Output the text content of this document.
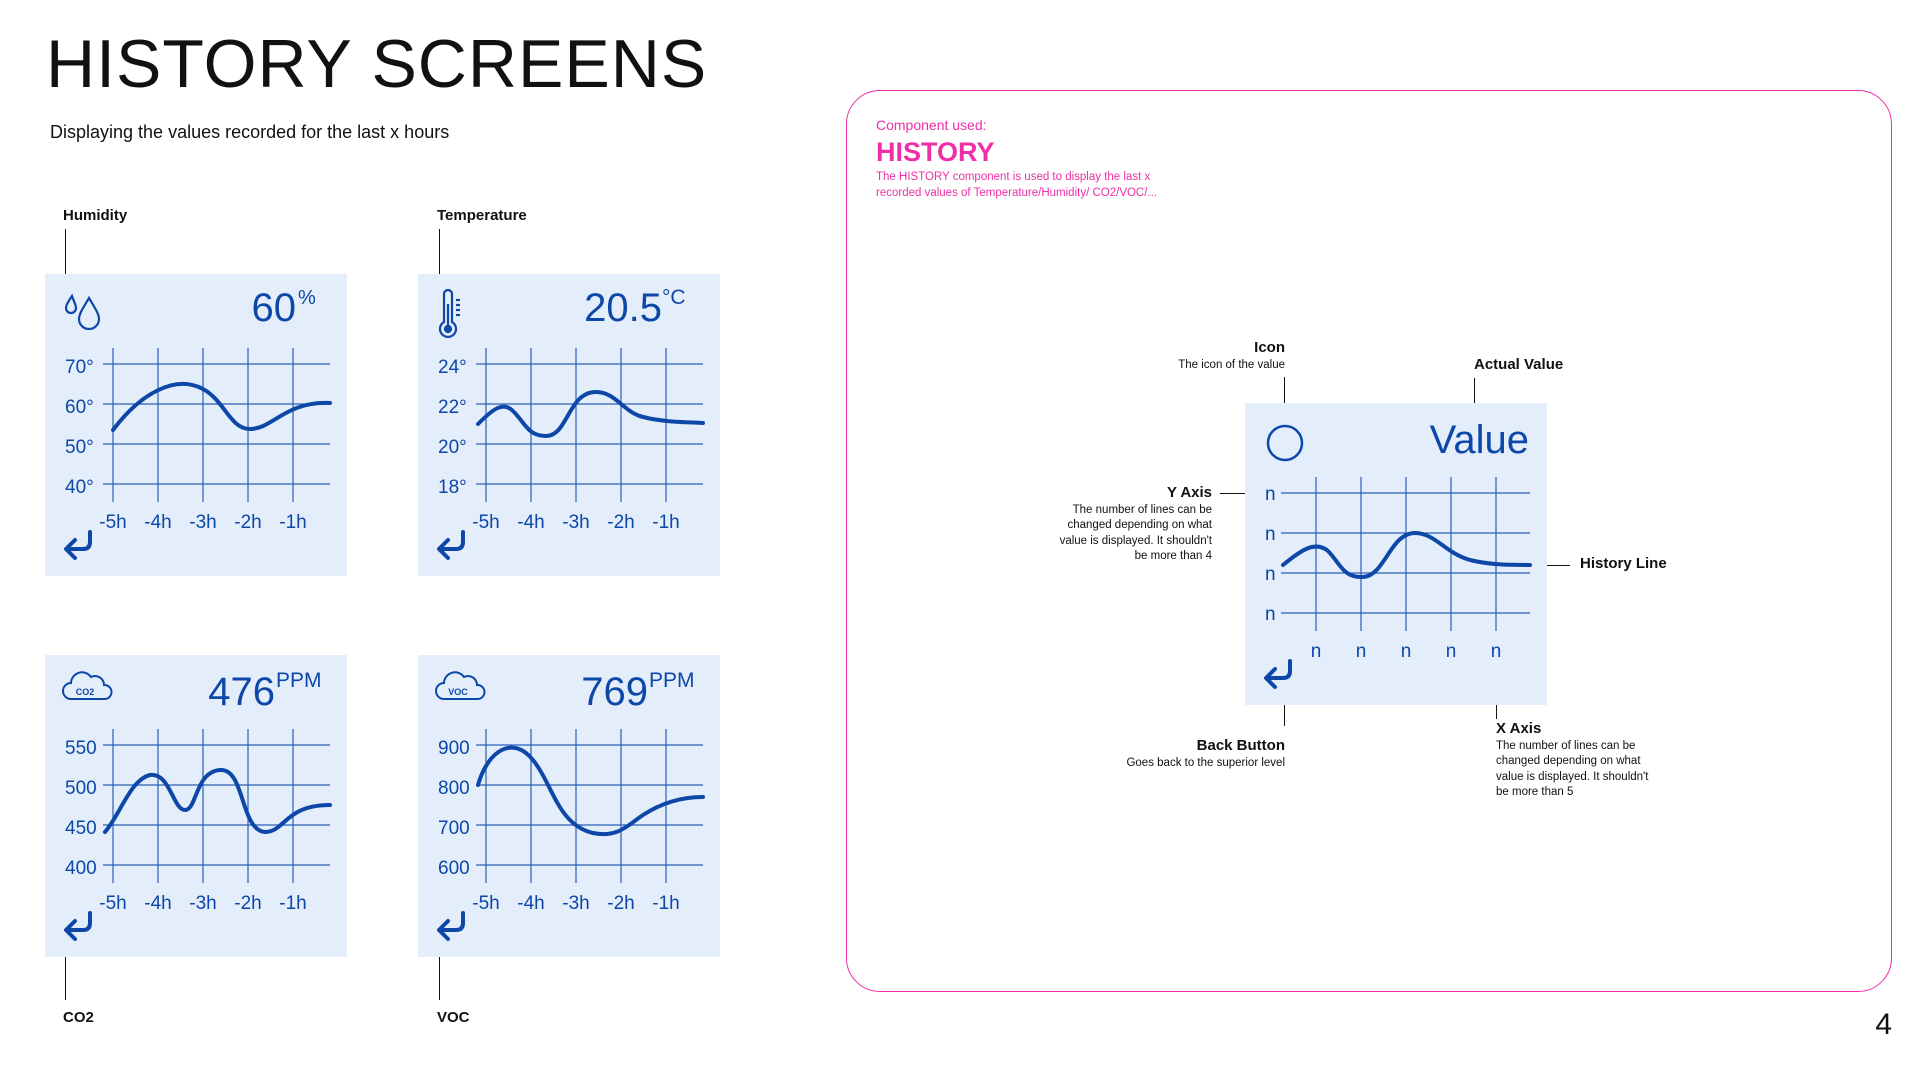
HISTORY SCREENS
Displaying the values recorded for the last x hours
Humidity	Temperature
CO2	VOC
60 %
70°
60°
50°
40°
-5h -4h -3h -2h -1h
20.5 °C
24°
22°
20°
18°
-5h -4h -3h -2h -1h
CO2	476 PPM
550
500
450
400
-5h -4h -3h -2h -1h
VOC	769 PPM
900
800
700
600
-5h -4h -3h -2h -1h
Component used:
HISTORY
The HISTORY component is used to display the last x recorded values of Temperature/Humidity/ CO2/VOC/...
Icon
The icon of the value	Actual Value
Y Axis
The number of lines can be changed depending on what value is displayed. It shouldn't be more than 4	History Line
Back Button
Goes back to the superior level
X Axis
The number of lines can be changed depending on what value is displayed. It shouldn't be more than 5
Value
n
n
n
n
n n n n n
4
